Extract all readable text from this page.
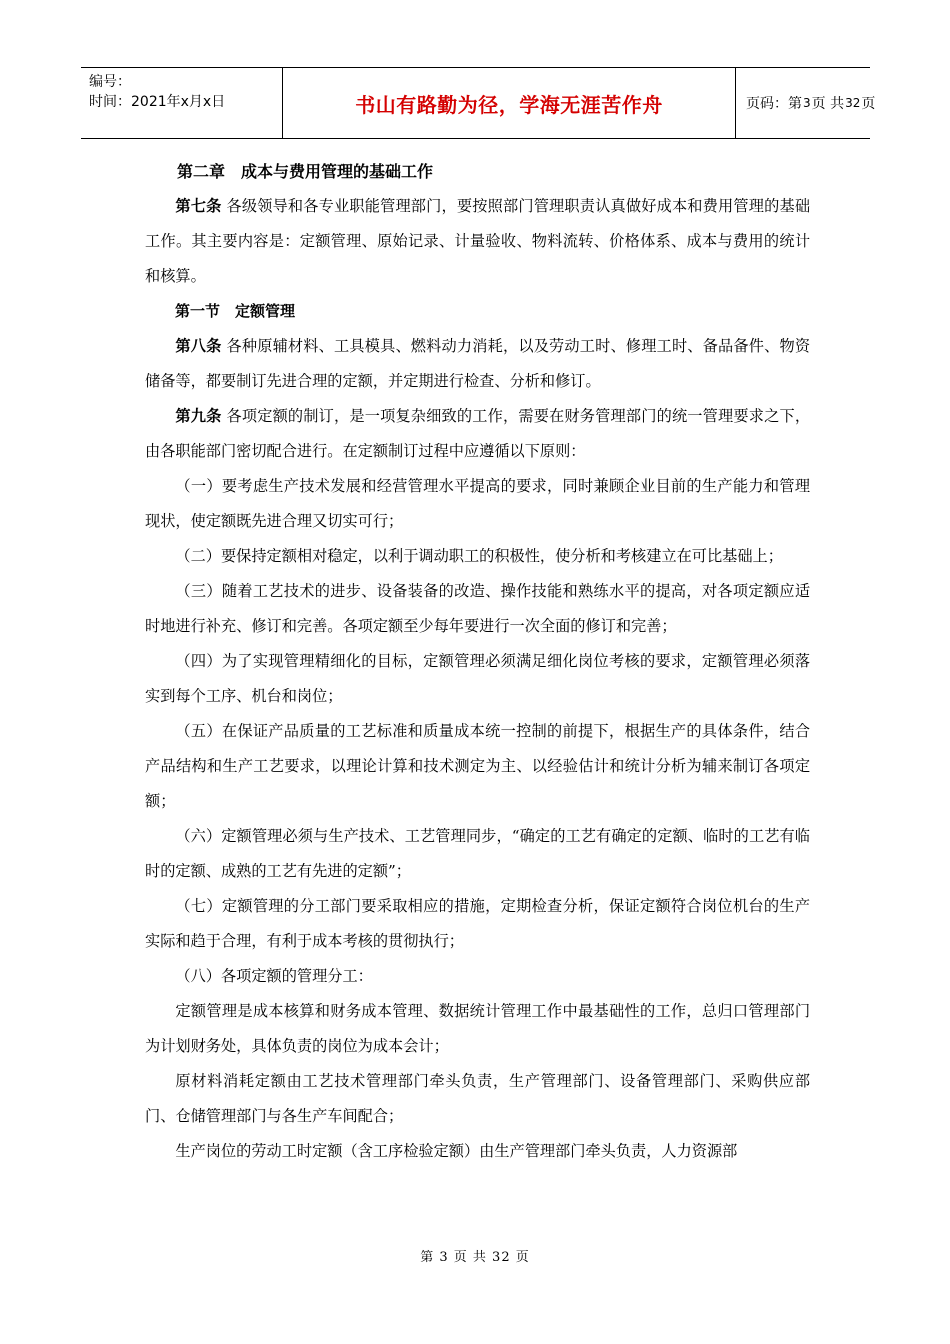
编号：
时间：2021年x月x日	书山有路勤为径，学海无涯苦作舟	页码：第 3 页 共 32 页

第二章　成本与费用管理的基础工作

第七条 各级领导和各专业职能管理部门，要按照部门管理职责认真做好成本和费用管理的基础工作。其主要内容是：定额管理、原始记录、计量验收、物料流转、价格体系、成本与费用的统计和核算。

第一节　定额管理

第八条 各种原辅材料、工具模具、燃料动力消耗，以及劳动工时、修理工时、备品备件、物资储备等，都要制订先进合理的定额，并定期进行检查、分析和修订。

第九条 各项定额的制订，是一项复杂细致的工作，需要在财务管理部门的统一管理要求之下，由各职能部门密切配合进行。在定额制订过程中应遵循以下原则：

（一）要考虑生产技术发展和经营管理水平提高的要求，同时兼顾企业目前的生产能力和管理现状，使定额既先进合理又切实可行；

（二）要保持定额相对稳定，以利于调动职工的积极性，使分析和考核建立在可比基础上；

（三）随着工艺技术的进步、设备装备的改造、操作技能和熟练水平的提高，对各项定额应适时地进行补充、修订和完善。各项定额至少每年要进行一次全面的修订和完善；

（四）为了实现管理精细化的目标，定额管理必须满足细化岗位考核的要求，定额管理必须落实到每个工序、机台和岗位；

（五）在保证产品质量的工艺标准和质量成本统一控制的前提下，根据生产的具体条件，结合产品结构和生产工艺要求，以理论计算和技术测定为主、以经验估计和统计分析为辅来制订各项定额；

（六）定额管理必须与生产技术、工艺管理同步，“确定的工艺有确定的定额、临时的工艺有临时的定额、成熟的工艺有先进的定额”；

（七）定额管理的分工部门要采取相应的措施，定期检查分析，保证定额符合岗位机台的生产实际和趋于合理，有利于成本考核的贯彻执行；

（八）各项定额的管理分工：

定额管理是成本核算和财务成本管理、数据统计管理工作中最基础性的工作，总归口管理部门为计划财务处，具体负责的岗位为成本会计；

原材料消耗定额由工艺技术管理部门牵头负责，生产管理部门、设备管理部门、采购供应部门、仓储管理部门与各生产车间配合；

生产岗位的劳动工时定额（含工序检验定额）由生产管理部门牵头负责，人力资源部

第 3 页 共 32 页
